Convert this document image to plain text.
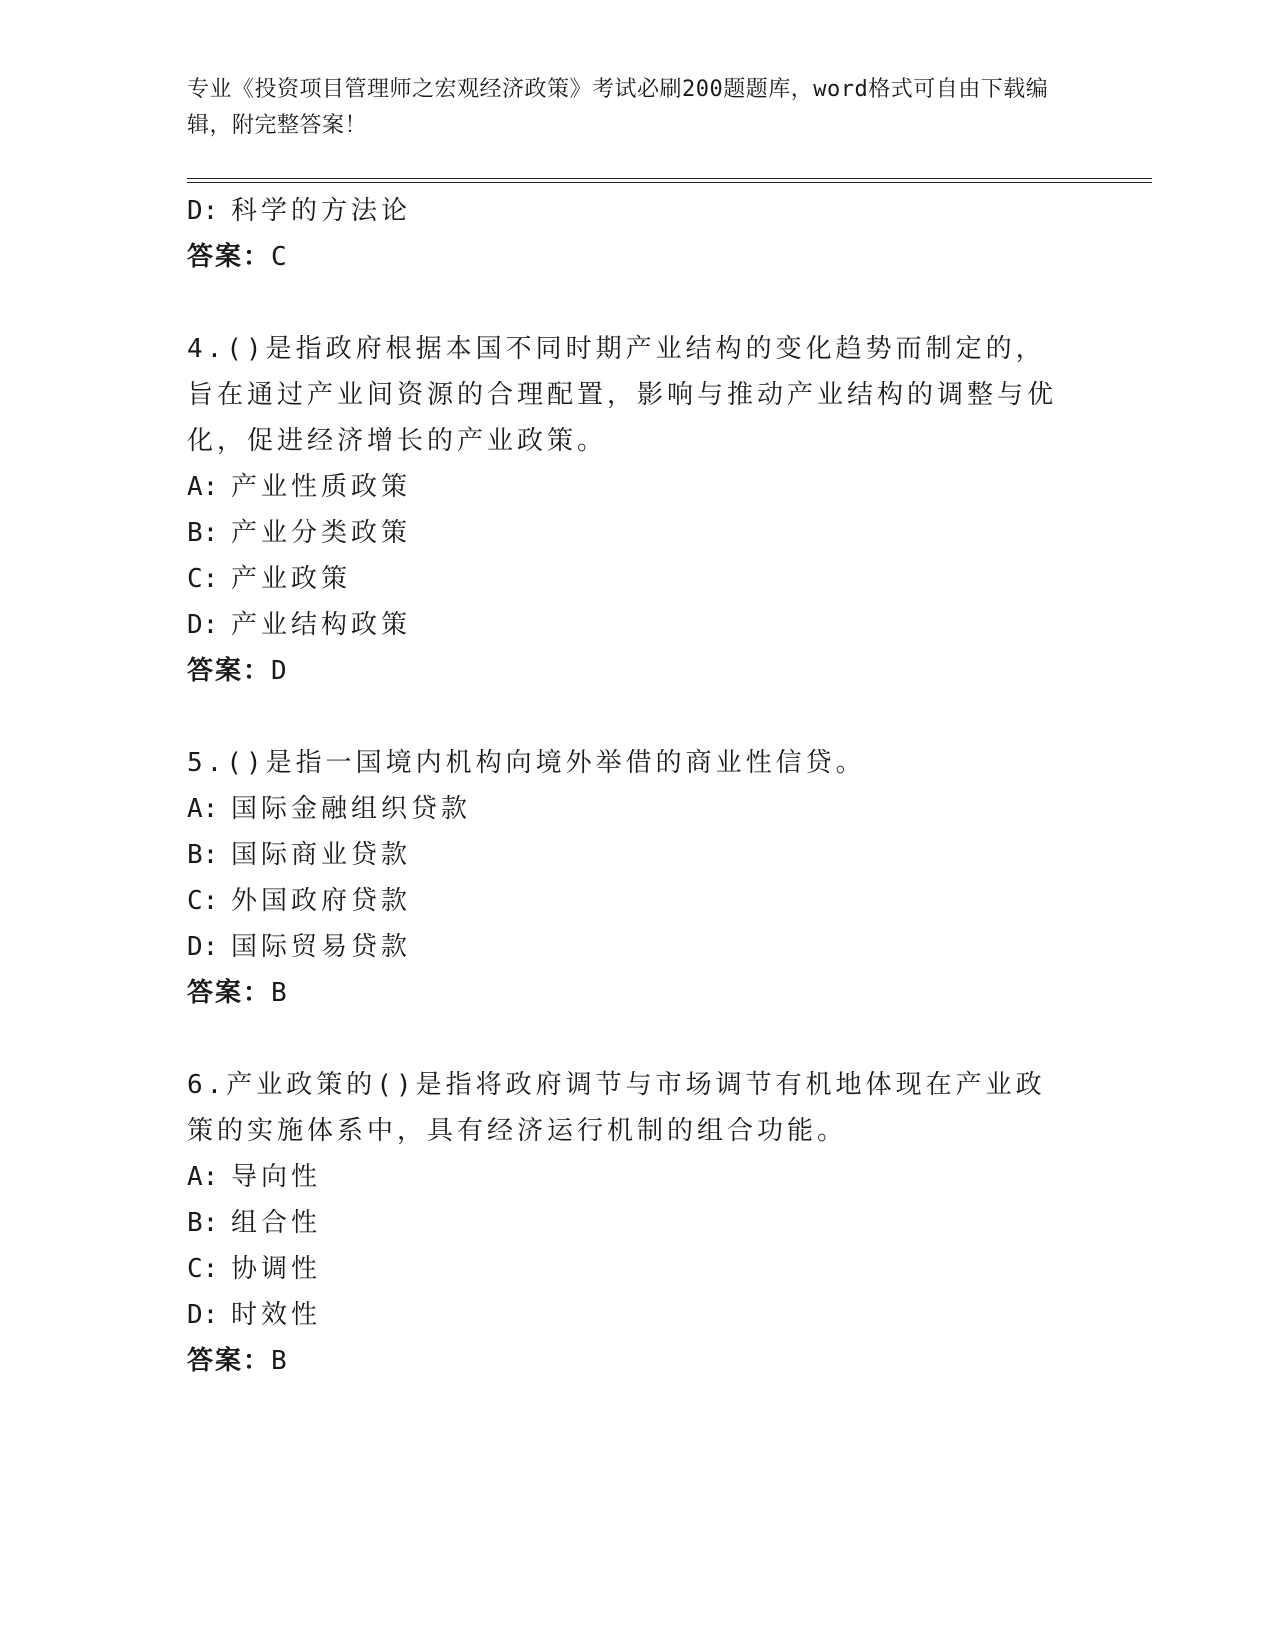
专业《投资项目管理师之宏观经济政策》考试必刷200题题库，word格式可自由下载编辑，附完整答案！
D: 科学的方法论
答案：C
4.()是指政府根据本国不同时期产业结构的变化趋势而制定的，旨在通过产业间资源的合理配置，影响与推动产业结构的调整与优化，促进经济增长的产业政策。
A: 产业性质政策
B: 产业分类政策
C: 产业政策
D: 产业结构政策
答案：D
5.()是指一国境内机构向境外举借的商业性信贷。
A: 国际金融组织贷款
B: 国际商业贷款
C: 外国政府贷款
D: 国际贸易贷款
答案：B
6.产业政策的()是指将政府调节与市场调节有机地体现在产业政策的实施体系中，具有经济运行机制的组合功能。
A: 导向性
B: 组合性
C: 协调性
D: 时效性
答案：B
